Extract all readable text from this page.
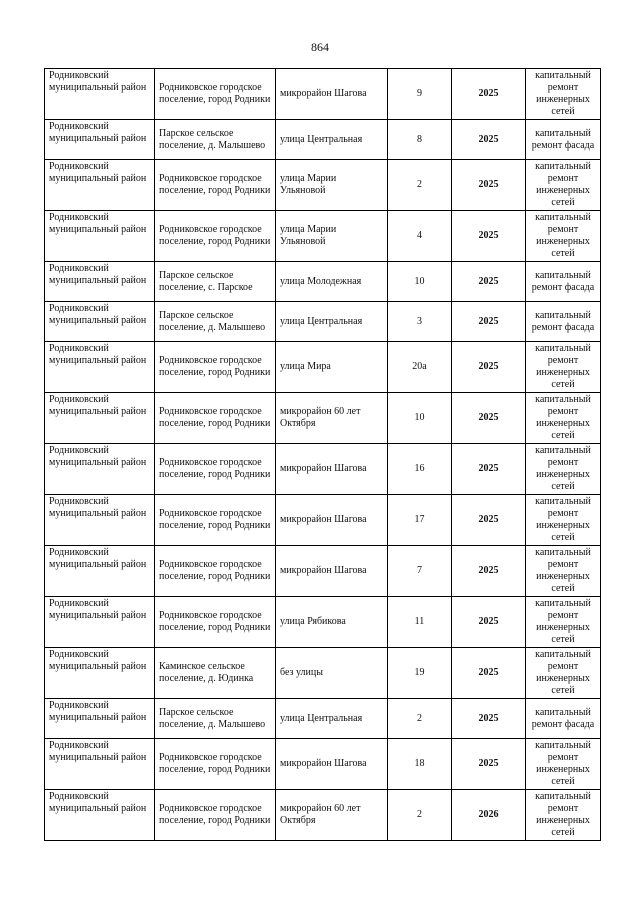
864
Родниковский муниципальный район	Родниковское городское поселение, город Родники	микрорайон Шагова	9	2025	капитальный ремонт инженерных сетей
Родниковский муниципальный район	Парское сельское поселение, д. Малышево	улица Центральная	8	2025	капитальный ремонт фасада
Родниковский муниципальный район	Родниковское городское поселение, город Родники	улица Марии Ульяновой	2	2025	капитальный ремонт инженерных сетей
Родниковский муниципальный район	Родниковское городское поселение, город Родники	улица Марии Ульяновой	4	2025	капитальный ремонт инженерных сетей
Родниковский муниципальный район	Парское сельское поселение, с. Парское	улица Молодежная	10	2025	капитальный ремонт фасада
Родниковский муниципальный район	Парское сельское поселение, д. Малышево	улица Центральная	3	2025	капитальный ремонт фасада
Родниковский муниципальный район	Родниковское городское поселение, город Родники	улица Мира	20а	2025	капитальный ремонт инженерных сетей
Родниковский муниципальный район	Родниковское городское поселение, город Родники	микрорайон 60 лет Октября	10	2025	капитальный ремонт инженерных сетей
Родниковский муниципальный район	Родниковское городское поселение, город Родники	микрорайон Шагова	16	2025	капитальный ремонт инженерных сетей
Родниковский муниципальный район	Родниковское городское поселение, город Родники	микрорайон Шагова	17	2025	капитальный ремонт инженерных сетей
Родниковский муниципальный район	Родниковское городское поселение, город Родники	микрорайон Шагова	7	2025	капитальный ремонт инженерных сетей
Родниковский муниципальный район	Родниковское городское поселение, город Родники	улица Рябикова	11	2025	капитальный ремонт инженерных сетей
Родниковский муниципальный район	Каминское сельское поселение, д. Юдинка	без улицы	19	2025	капитальный ремонт инженерных сетей
Родниковский муниципальный район	Парское сельское поселение, д. Малышево	улица Центральная	2	2025	капитальный ремонт фасада
Родниковский муниципальный район	Родниковское городское поселение, город Родники	микрорайон Шагова	18	2025	капитальный ремонт инженерных сетей
Родниковский муниципальный район	Родниковское городское поселение, город Родники	микрорайон 60 лет Октября	2	2026	капитальный ремонт инженерных сетей
